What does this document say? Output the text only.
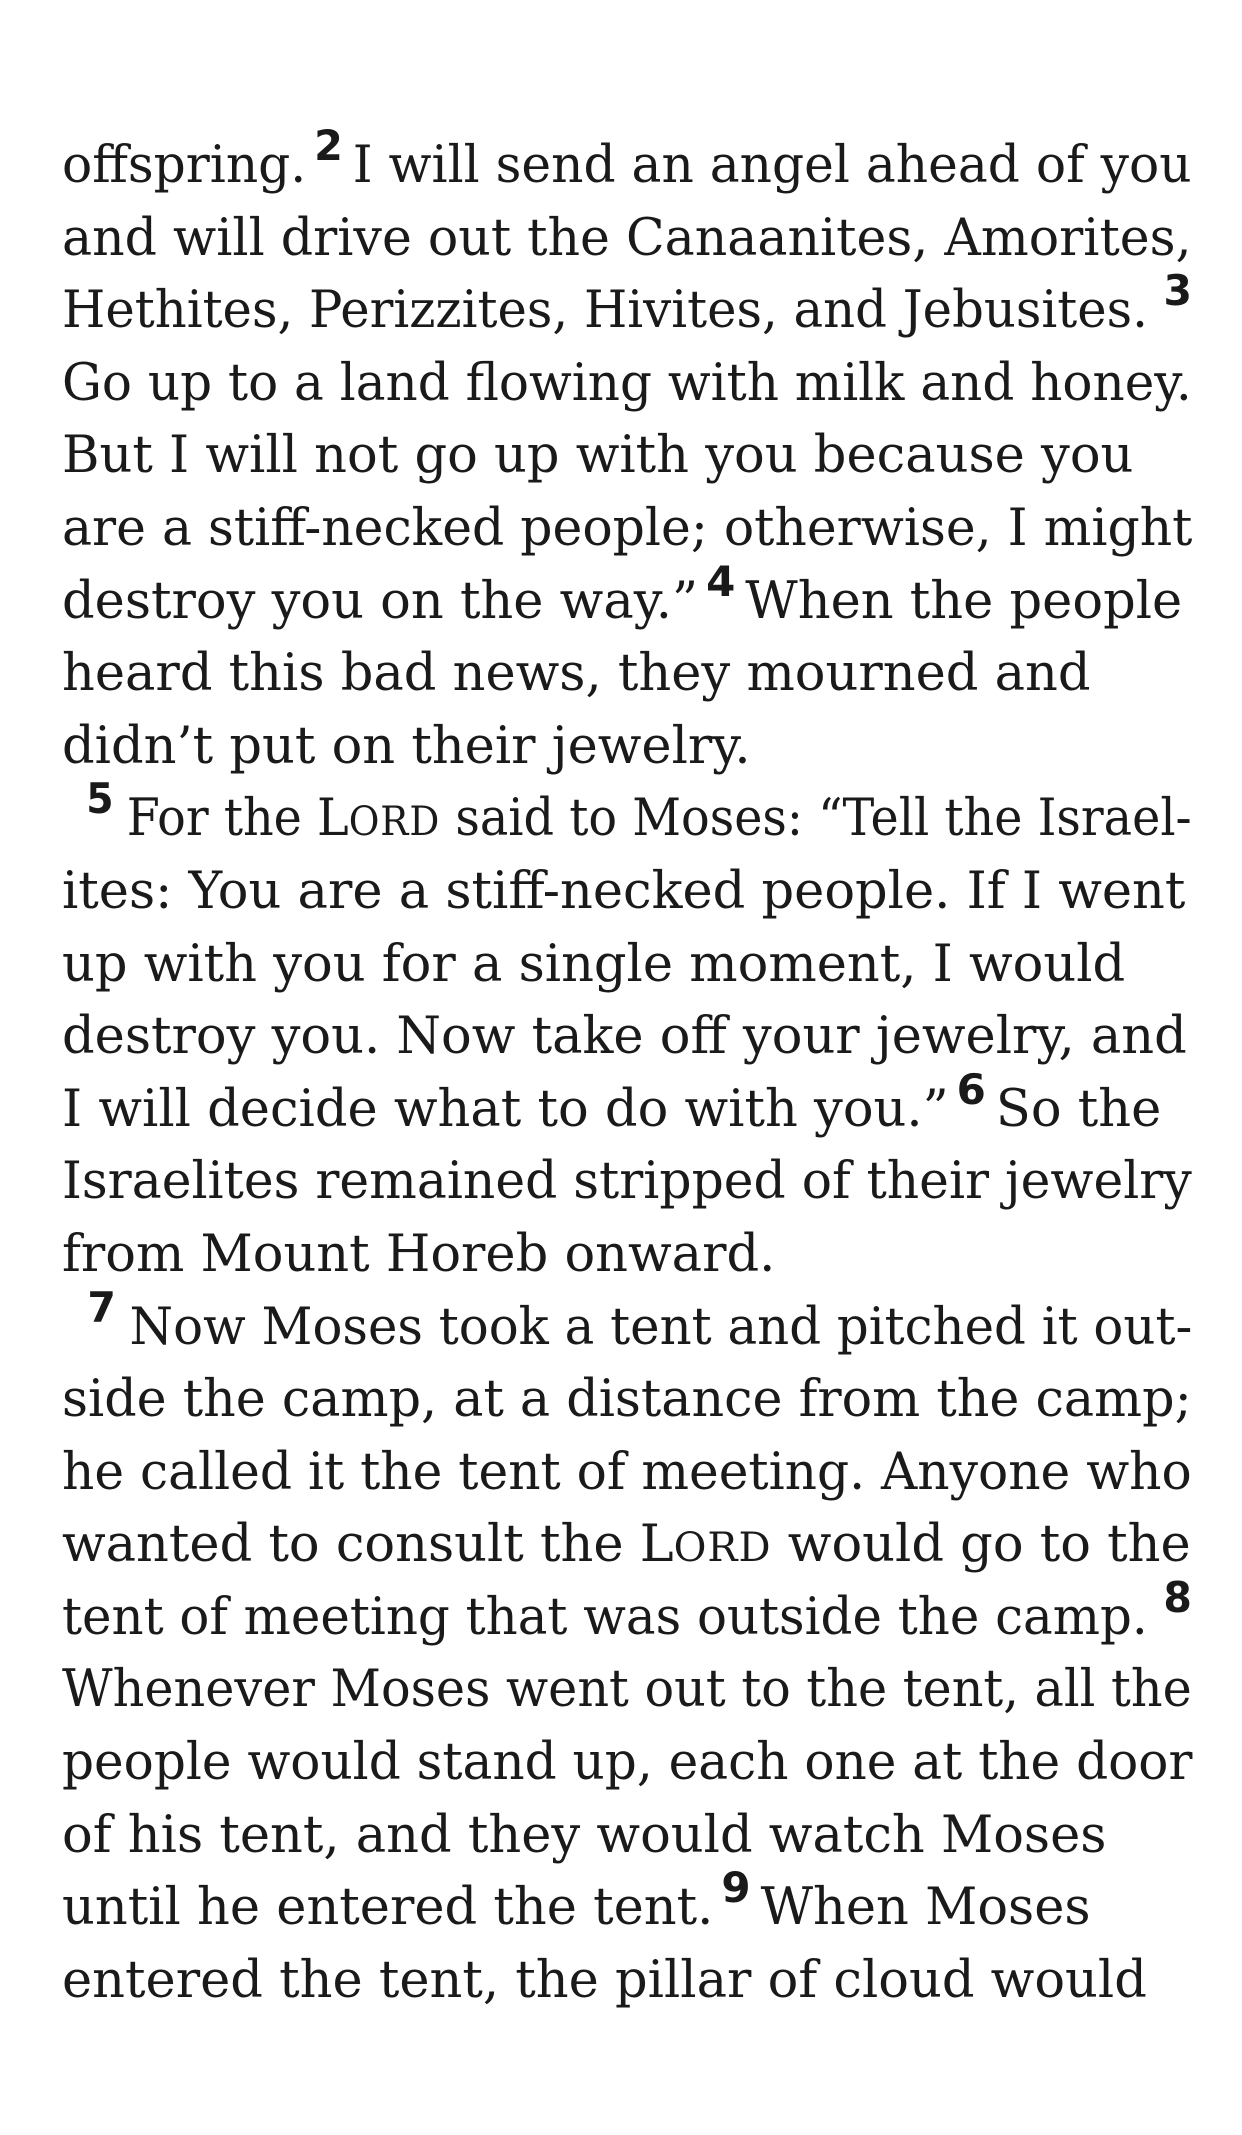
offspring. 2 I will send an angel ahead of you
and will drive out the Canaanites, Amorites,
Hethites, Perizzites, Hivites, and Jebusites. 3
Go up to a land flowing with milk and honey.
But I will not go up with you because you
are a stiff-necked people; otherwise, I might
destroy you on the way.” 4 When the people
heard this bad news, they mourned and
didn’t put on their jewelry.
5 For the L ORD said to Moses: “Tell the Israel-
ites: You are a stiff-necked people. If I went
up with you for a single moment, I would
destroy you. Now take off your jewelry, and
I will decide what to do with you.” 6 So the
Israelites remained stripped of their jewelry
from Mount Horeb onward.
7 Now Moses took a tent and pitched it out-
side the camp, at a distance from the camp;
he called it the tent of meeting. Anyone who
wanted to consult the L ORD would go to the
tent of meeting that was outside the camp. 8
Whenever Moses went out to the tent, all the
people would stand up, each one at the door
of his tent, and they would watch Moses
until he entered the tent. 9 When Moses
entered the tent, the pillar of cloud would
